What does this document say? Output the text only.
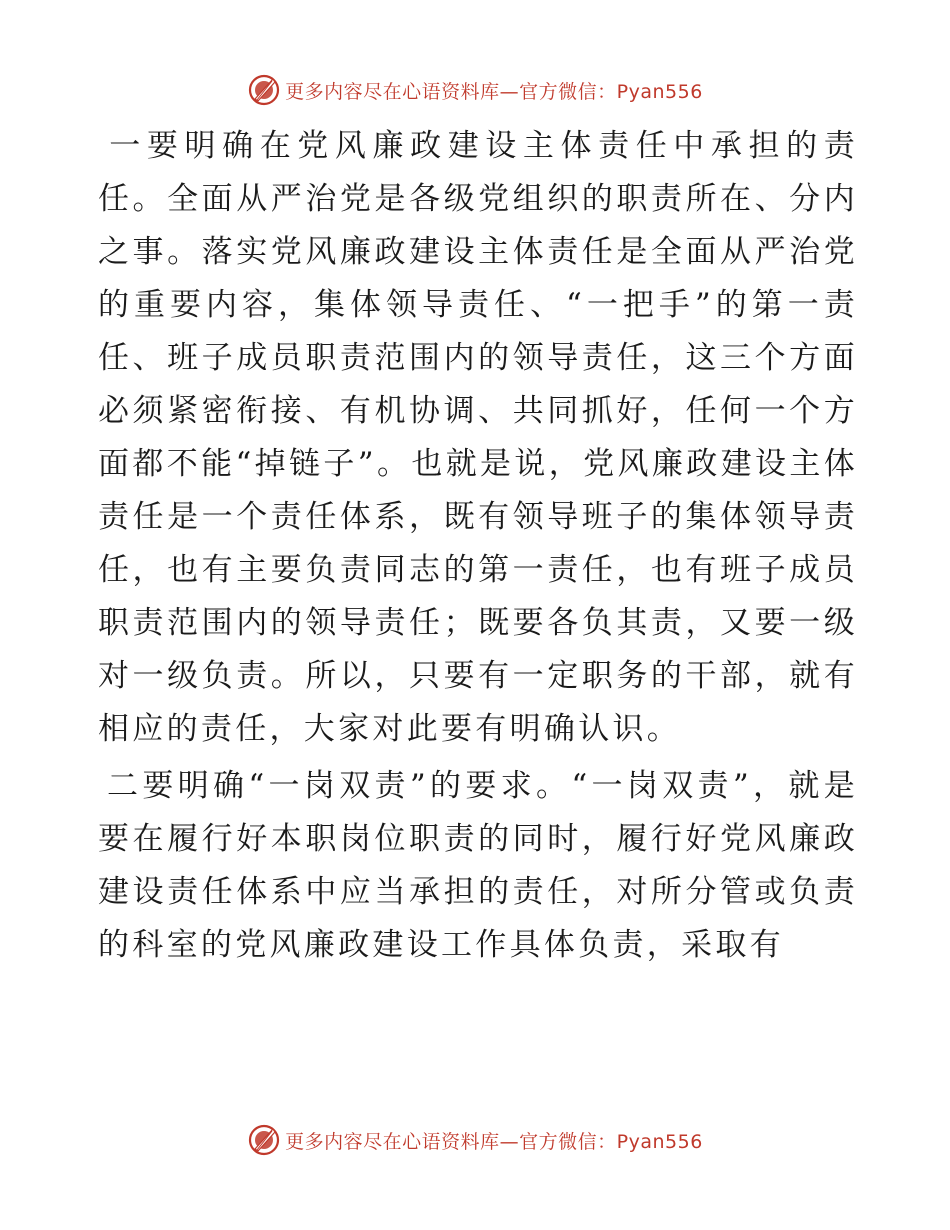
更多内容尽在心语资料库—官方微信：Pyan556

一要明确在党风廉政建设主体责任中承担的责任。全面从严治党是各级党组织的职责所在、分内之事。落实党风廉政建设主体责任是全面从严治党的重要内容，集体领导责任、“一把手”的第一责任、班子成员职责范围内的领导责任，这三个方面必须紧密衔接、有机协调、共同抓好，任何一个方面都不能“掉链子”。也就是说，党风廉政建设主体责任是一个责任体系，既有领导班子的集体领导责任，也有主要负责同志的第一责任，也有班子成员职责范围内的领导责任；既要各负其责，又要一级对一级负责。所以，只要有一定职务的干部，就有相应的责任，大家对此要有明确认识。

二要明确“一岗双责”的要求。“一岗双责”，就是要在履行好本职岗位职责的同时，履行好党风廉政建设责任体系中应当承担的责任，对所分管或负责的科室的党风廉政建设工作具体负责，采取有

更多内容尽在心语资料库—官方微信：Pyan556
